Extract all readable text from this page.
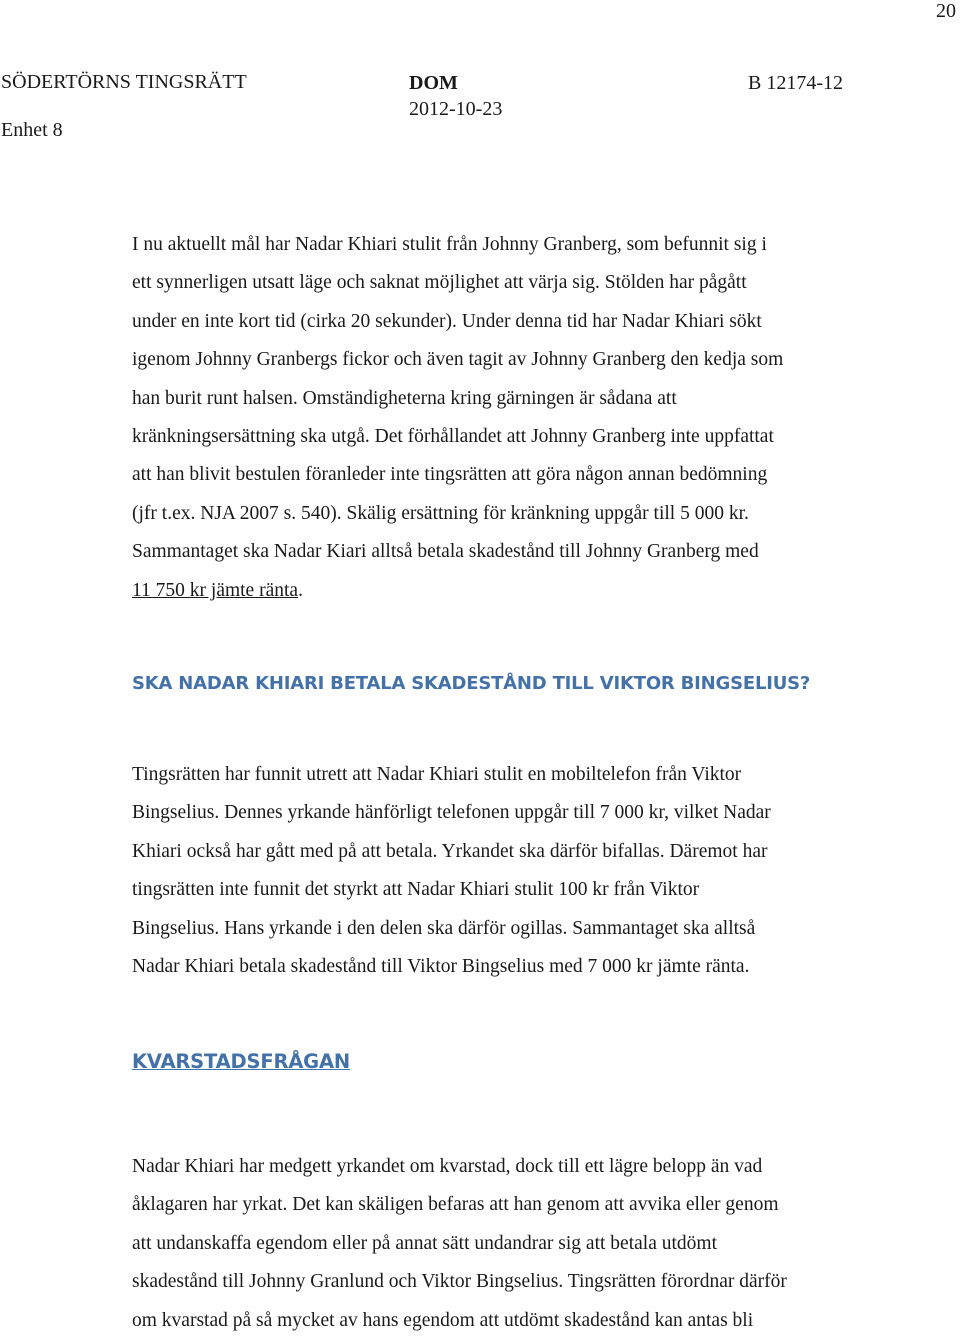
20
SÖDERTÖRNS TINGSRÄTT	DOM	B 12174-12
2012-10-23
Enhet 8
I nu aktuellt mål har Nadar Khiari stulit från Johnny Granberg, som befunnit sig i
ett synnerligen utsatt läge och saknat möjlighet att värja sig. Stölden har pågått
under en inte kort tid (cirka 20 sekunder). Under denna tid har Nadar Khiari sökt
igenom Johnny Granbergs fickor och även tagit av Johnny Granberg den kedja som
han burit runt halsen. Omständigheterna kring gärningen är sådana att
kränkningsersättning ska utgå. Det förhållandet att Johnny Granberg inte uppfattat
att han blivit bestulen föranleder inte tingsrätten att göra någon annan bedömning
(jfr t.ex. NJA 2007 s. 540). Skälig ersättning för kränkning uppgår till 5 000 kr.
Sammantaget ska Nadar Kiari alltså betala skadestånd till Johnny Granberg med
11 750 kr jämte ränta.
SKA NADAR KHIARI BETALA SKADESTÅND TILL VIKTOR BINGSELIUS?
Tingsrätten har funnit utrett att Nadar Khiari stulit en mobiltelefon från Viktor
Bingselius. Dennes yrkande hänförligt telefonen uppgår till 7 000 kr, vilket Nadar
Khiari också har gått med på att betala. Yrkandet ska därför bifallas. Däremot har
tingsrätten inte funnit det styrkt att Nadar Khiari stulit 100 kr från Viktor
Bingselius. Hans yrkande i den delen ska därför ogillas. Sammantaget ska alltså
Nadar Khiari betala skadestånd till Viktor Bingselius med 7 000 kr jämte ränta.
KVARSTADSFRÅGAN
Nadar Khiari har medgett yrkandet om kvarstad, dock till ett lägre belopp än vad
åklagaren har yrkat. Det kan skäligen befaras att han genom att avvika eller genom
att undanskaffa egendom eller på annat sätt undandrar sig att betala utdömt
skadestånd till Johnny Granlund och Viktor Bingselius. Tingsrätten förordnar därför
om kvarstad på så mycket av hans egendom att utdömt skadestånd kan antas bli
